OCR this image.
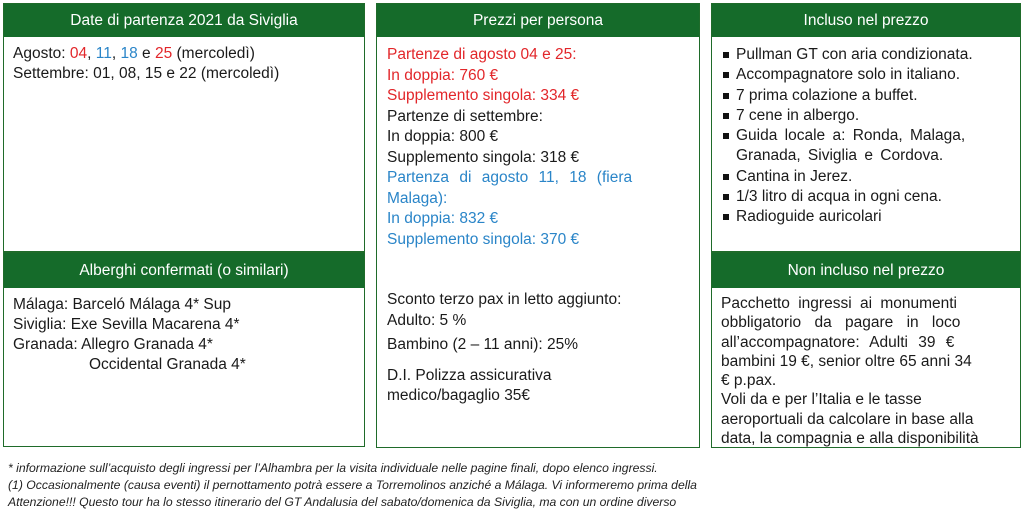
Date di partenza 2021 da Siviglia
Agosto: 04, 11, 18 e 25 (mercoledì)
Settembre: 01, 08, 15 e 22 (mercoledì)
Alberghi confermati (o similari)
Málaga: Barceló Málaga 4* Sup
Siviglia: Exe Sevilla Macarena 4*
Granada: Allegro Granada 4*
Occidental Granada 4*
Prezzi per persona
Partenze di agosto 04 e 25:
In doppia: 760 €
Supplemento singola: 334 €
Partenze di settembre:
In doppia: 800 €
Supplemento singola: 318 €
Partenza di agosto 11, 18 (fiera
Malaga):
In doppia: 832 €
Supplemento singola: 370 €
Sconto terzo pax in letto aggiunto:
Adulto: 5 %
Bambino (2 – 11 anni): 25%
D.I. Polizza assicurativa
medico/bagaglio 35€
Incluso nel prezzo
Pullman GT con aria condizionata.
Accompagnatore solo in italiano.
7 prima colazione a buffet.
7 cene in albergo.
Guida locale a: Ronda, Malaga,
Granada, Siviglia e Cordova.
Cantina in Jerez.
1/3 litro di acqua in ogni cena.
Radioguide auricolari
Non incluso nel prezzo
Pacchetto ingressi ai monumenti
obbligatorio da pagare in loco
all’accompagnatore: Adulti 39 €
bambini 19 €, senior oltre 65 anni 34
€ p.pax.
Voli da e per l’Italia e le tasse
aeroportuali da calcolare in base alla
data, la compagnia e alla disponibilità
* informazione sull’acquisto degli ingressi per l’Alhambra per la visita individuale nelle pagine finali, dopo elenco ingressi.
(1) Occasionalmente (causa eventi) il pernottamento potrà essere a Torremolinos anziché a Málaga. Vi informeremo prima della
Attenzione!!! Questo tour ha lo stesso itinerario del GT Andalusia del sabato/domenica da Siviglia, ma con un ordine diverso
